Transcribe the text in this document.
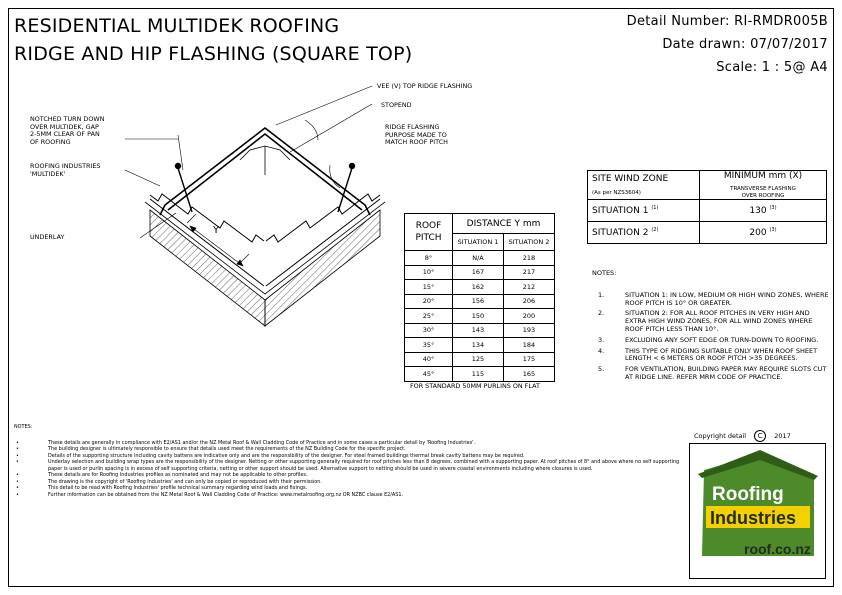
RESIDENTIAL MULTIDEK ROOFING
RIDGE AND HIP FLASHING (SQUARE TOP)
Detail Number: RI-RMDR005B
Date drawn: 07/07/2017
Scale: 1 : 5@ A4
Y
NOTCHED TURN DOWN
OVER MULTIDEK, GAP
2-5MM CLEAR OF PAN
OF ROOFING
ROOFING INDUSTRIES
'MULTIDEK'
UNDERLAY
VEE (V) TOP RIDGE FLASHING
STOPEND
RIDGE FLASHING
PURPOSE MADE TO
MATCH ROOF PITCH
ROOF
PITCH	DISTANCE Y mm	
	SITUATION 1	SITUATION 2
8°	N/A	218
10°	167	217
15°	162	212
20°	156	206
25°	150	200
30°	143	193
35°	134	184
40°	125	175
45°	115	165
FOR STANDARD 50MM PURLINS ON FLAT
SITE WIND ZONE
(As per NZS3604)	MINIMUM mm (X)
TRANSVERSE FLASHING
OVER ROOFING

SITUATION 1 $^{(1)}$	130 $^{(3)}$
SITUATION 2 $^{(2)}$	200 $^{(3)}$
NOTES:
1.	SITUATION 1: IN LOW, MEDIUM OR HIGH WIND ZONES, WHERE ROOF PITCH IS 10° OR GREATER.
2.	SITUATION 2: FOR ALL ROOF PITCHES IN VERY HIGH AND EXTRA HIGH WIND ZONES, FOR ALL WIND ZONES WHERE ROOF PITCH LESS THAN 10°.
3.	EXCLUDING ANY SOFT EDGE OR TURN-DOWN TO ROOFING.
4.	THIS TYPE OF RIDGING SUITABLE ONLY WHEN ROOF SHEET LENGTH < 6 METERS OR ROOF PITCH >35 DEGREES.
5.	FOR VENTILATION, BUILDING PAPER MAY REQUIRE SLOTS CUT AT RIDGE LINE. REFER MRM CODE OF PRACTICE.
Copyright detail C 2017
NOTES:
• These details are generally in compliance with E2/AS1 and/or the NZ Metal Roof & Wall Cladding Code of Practice and in some cases a particular detail by 'Roofing Industries'.
• The building designer is ultimately responsible to ensure that details used meet the requirements of the NZ Building Code for the specific project.
• Details of the supporting structure including cavity battens are indicative only and are the responsibility of the designer. For steel framed buildings thermal break cavity battens may be required.
• Underlay selection and building wrap types are the responsibility of the designer. Netting or other supporting generally required for roof pitches less than 8 degrees, combined with a supporting paper. At roof pitches of 8° and above where no self supporting paper is used or purlin spacing is in excess of self supporting criteria, netting or other support should be used. Alternative support to netting should be used in severe coastal environments including where closures is used.
• These details are for Roofing Industries profiles as nominated and may not be applicable to other profiles.
• The drawing is the copyright of 'Roofing Industries' and can only be copied or reproduced with their permission.
• This detail to be read with Roofing Industries' profile technical summary regarding wind loads and fixings.
• Further information can be obtained from the NZ Metal Roof & Wall Cladding Code of Practice: www.metalroofing.org.nz OR NZBC clause E2/AS1.	Roofing
Industries
roof.co.nz
